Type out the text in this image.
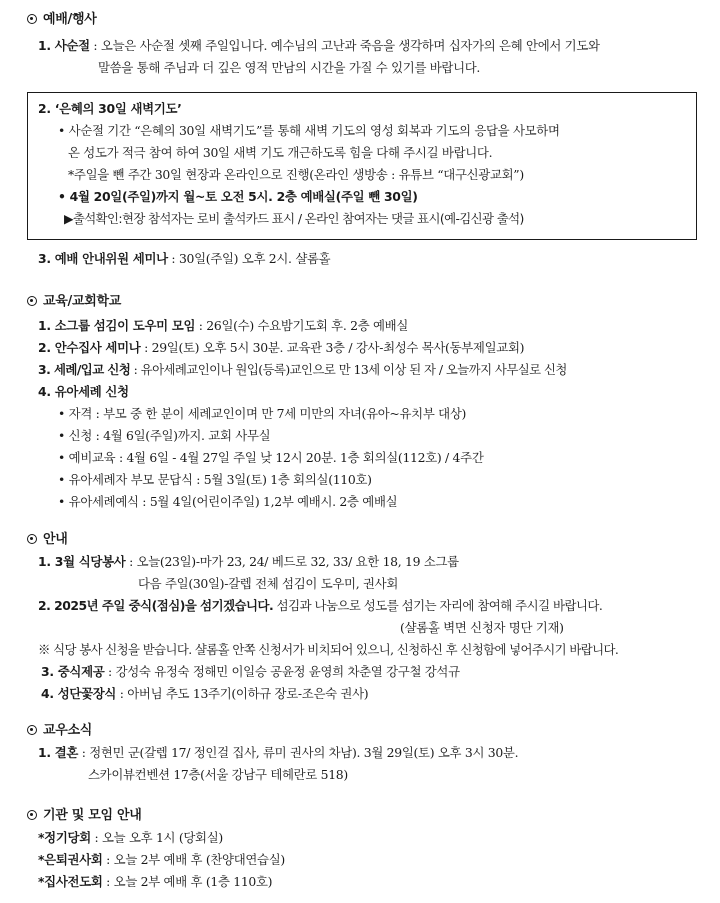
예배/행사
1. 사순절 : 오늘은 사순절 셋째 주일입니다. 예수님의 고난과 죽음을 생각하며 십자가의 은혜 안에서 기도와
말씀을 통해 주님과 더 깊은 영적 만남의 시간을 가질 수 있기를 바랍니다.
2. ‘은혜의 30일 새벽기도’
• 사순절 기간 “은혜의 30일 새벽기도”를 통해 새벽 기도의 영성 회복과 기도의 응답을 사모하며
온 성도가 적극 참여 하여 30일 새벽 기도 개근하도록 힘을 다해 주시길 바랍니다.
*주일을 뺀 주간 30일 현장과 온라인으로 진행(온라인 생방송 : 유튜브 “대구신광교회”)
• 4월 20일(주일)까지 월~토 오전 5시. 2층 예배실(주일 뺀 30일)
▶출석확인:현장 참석자는 로비 출석카드 표시 / 온라인 참여자는 댓글 표시(예-김신광 출석)
3. 예배 안내위원 세미나 : 30일(주일) 오후 2시. 샬롬홀
교육/교회학교
1. 소그룹 섬김이 도우미 모임 : 26일(수) 수요밤기도회 후. 2층 예배실
2. 안수집사 세미나 : 29일(토) 오후 5시 30분. 교육관 3층 / 강사-최성수 목사(동부제일교회)
3. 세례/입교 신청 : 유아세례교인이나 원입(등록)교인으로 만 13세 이상 된 자 / 오늘까지 사무실로 신청
4. 유아세례 신청
• 자격 : 부모 중 한 분이 세례교인이며 만 7세 미만의 자녀(유아~유치부 대상)
• 신청 : 4월 6일(주일)까지. 교회 사무실
• 예비교육 : 4월 6일 - 4월 27일 주일 낮 12시 20분. 1층 회의실(112호) / 4주간
• 유아세례자 부모 문답식 : 5월 3일(토) 1층 회의실(110호)
• 유아세례예식 : 5월 4일(어린이주일) 1,2부 예배시. 2층 예배실
안내
1. 3월 식당봉사 : 오늘(23일)-마가 23, 24/ 베드로 32, 33/ 요한 18, 19 소그룹
다음 주일(30일)-갈렙 전체 섬김이 도우미, 권사회
2. 2025년 주일 중식(점심)을 섬기겠습니다. 섬김과 나눔으로 성도를 섬기는 자리에 참여해 주시길 바랍니다.
(샬롬홀 벽면 신청자 명단 기재)
※ 식당 봉사 신청을 받습니다. 샬롬홀 안쪽 신청서가 비치되어 있으니, 신청하신 후 신청함에 넣어주시기 바랍니다.
3. 중식제공 : 강성숙 유정숙 정해민 이일승 공윤정 윤영희 차춘열 강구철 강석규
4. 성단꽃장식 : 아버님 추도 13주기(이하규 장로-조은숙 권사)
교우소식
1. 결혼 : 정현민 군(갈렙 17/ 정인걸 집사, 류미 권사의 차남). 3월 29일(토) 오후 3시 30분.
스카이뷰컨벤션 17층(서울 강남구 테헤란로 518)
기관 및 모임 안내
*정기당회 : 오늘 오후 1시 (당회실)
*은퇴권사회 : 오늘 2부 예배 후 (찬양대연습실)
*집사전도회 : 오늘 2부 예배 후 (1층 110호)
